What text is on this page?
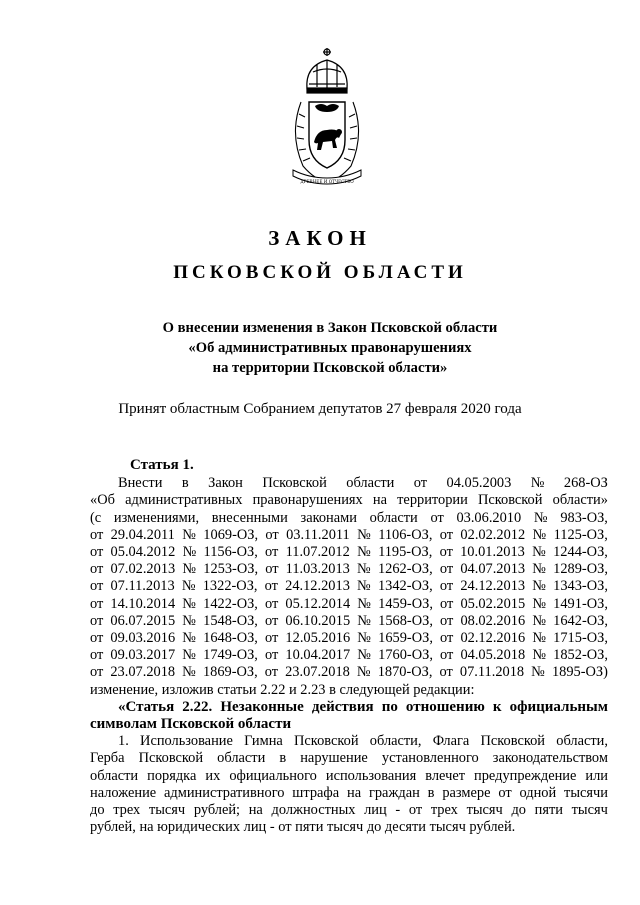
ДРЕВНЕЕ И ОТЧЕСТВО
ЗАКОН
ПСКОВСКОЙ ОБЛАСТИ
О внесении изменения в Закон Псковской области
«Об административных правонарушениях
на территории Псковской области»
Принят областным Собранием депутатов 27 февраля 2020 года
Статья 1.
Внести в Закон Псковской области от 04.05.2003 № 268-ОЗ
«Об административных правонарушениях на территории Псковской области»
(с изменениями, внесенными законами области от 03.06.2010 № 983-ОЗ,
от 29.04.2011 № 1069-ОЗ, от 03.11.2011 № 1106-ОЗ, от 02.02.2012 № 1125-ОЗ,
от 05.04.2012 № 1156-ОЗ, от 11.07.2012 № 1195-ОЗ, от 10.01.2013 № 1244-ОЗ,
от 07.02.2013 № 1253-ОЗ, от 11.03.2013 № 1262-ОЗ, от 04.07.2013 № 1289-ОЗ,
от 07.11.2013 № 1322-ОЗ, от 24.12.2013 № 1342-ОЗ, от 24.12.2013 № 1343-ОЗ,
от 14.10.2014 № 1422-ОЗ, от 05.12.2014 № 1459-ОЗ, от 05.02.2015 № 1491-ОЗ,
от 06.07.2015 № 1548-ОЗ, от 06.10.2015 № 1568-ОЗ, от 08.02.2016 № 1642-ОЗ,
от 09.03.2016 № 1648-ОЗ, от 12.05.2016 № 1659-ОЗ, от 02.12.2016 № 1715-ОЗ,
от 09.03.2017 № 1749-ОЗ, от 10.04.2017 № 1760-ОЗ, от 04.05.2018 № 1852-ОЗ,
от 23.07.2018 № 1869-ОЗ, от 23.07.2018 № 1870-ОЗ, от 07.11.2018 № 1895-ОЗ)
изменение, изложив статьи 2.22 и 2.23 в следующей редакции:
«Статья 2.22. Незаконные действия по отношению к официальным
символам Псковской области
1. Использование Гимна Псковской области, Флага Псковской области,
Герба Псковской области в нарушение установленного законодательством
области порядка их официального использования влечет предупреждение или
наложение административного штрафа на граждан в размере от одной тысячи
до трех тысяч рублей; на должностных лиц - от трех тысяч до пяти тысяч
рублей, на юридических лиц - от пяти тысяч до десяти тысяч рублей.
